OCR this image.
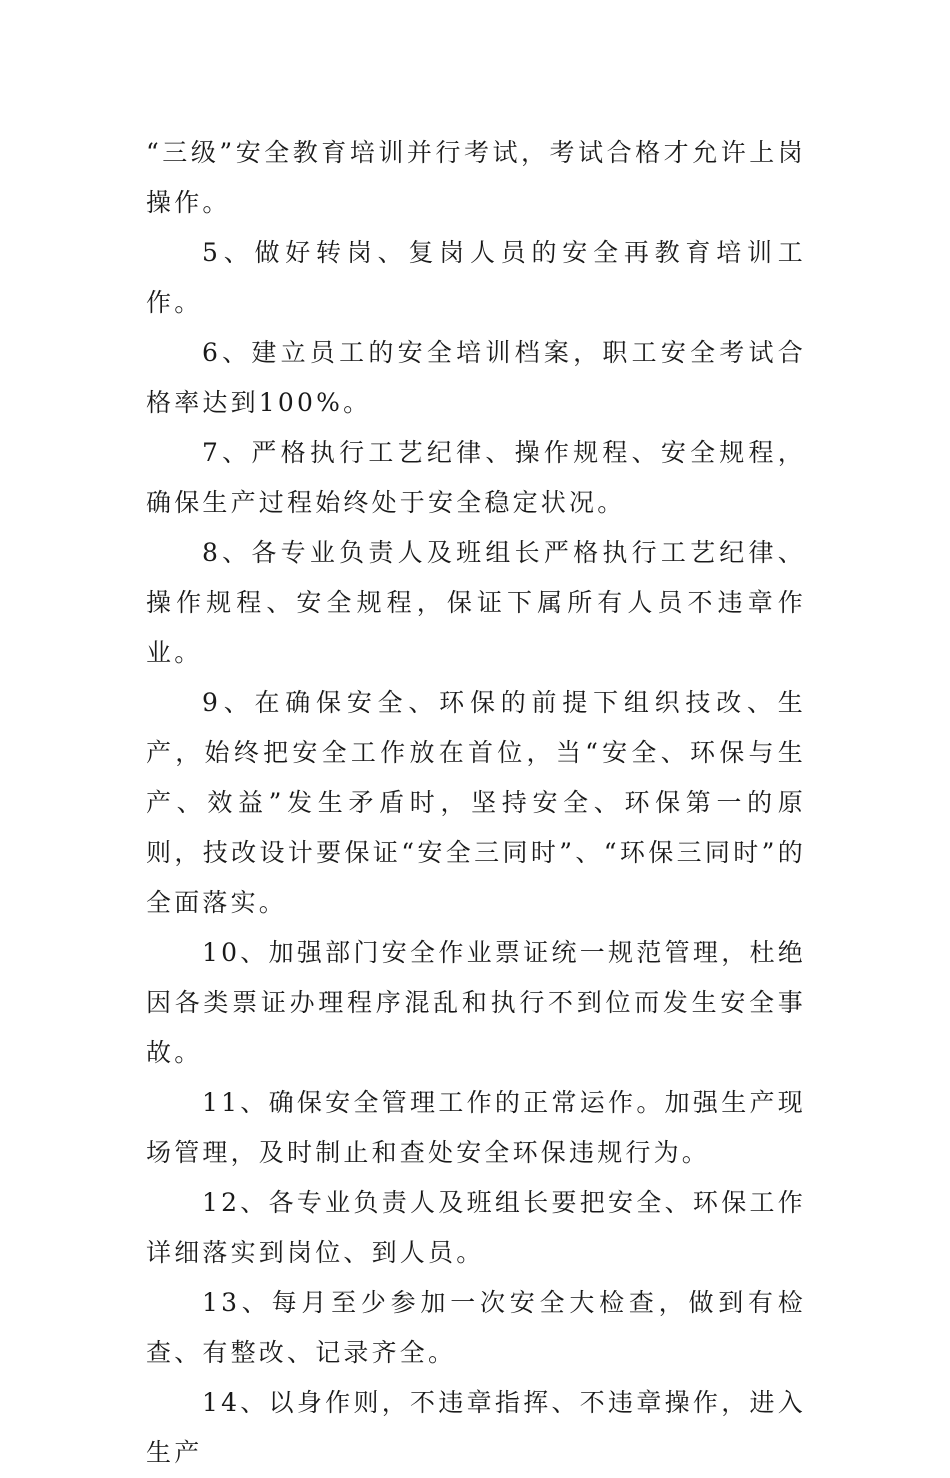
“三级”安全教育培训并行考试，考试合格才允许上岗操作。

5、做好转岗、复岗人员的安全再教育培训工作。

6、建立员工的安全培训档案，职工安全考试合格率达到100%。

7、严格执行工艺纪律、操作规程、安全规程，确保生产过程始终处于安全稳定状况。

8、各专业负责人及班组长严格执行工艺纪律、操作规程、安全规程，保证下属所有人员不违章作业。

9、在确保安全、环保的前提下组织技改、生产，始终把安全工作放在首位，当“安全、环保与生产、效益”发生矛盾时，坚持安全、环保第一的原则，技改设计要保证“安全三同时”、“环保三同时”的全面落实。

10、加强部门安全作业票证统一规范管理，杜绝因各类票证办理程序混乱和执行不到位而发生安全事故。

11、确保安全管理工作的正常运作。加强生产现场管理，及时制止和查处安全环保违规行为。

12、各专业负责人及班组长要把安全、环保工作详细落实到岗位、到人员。

13、每月至少参加一次安全大检查，做到有检查、有整改、记录齐全。

14、以身作则，不违章指挥、不违章操作，进入生产
